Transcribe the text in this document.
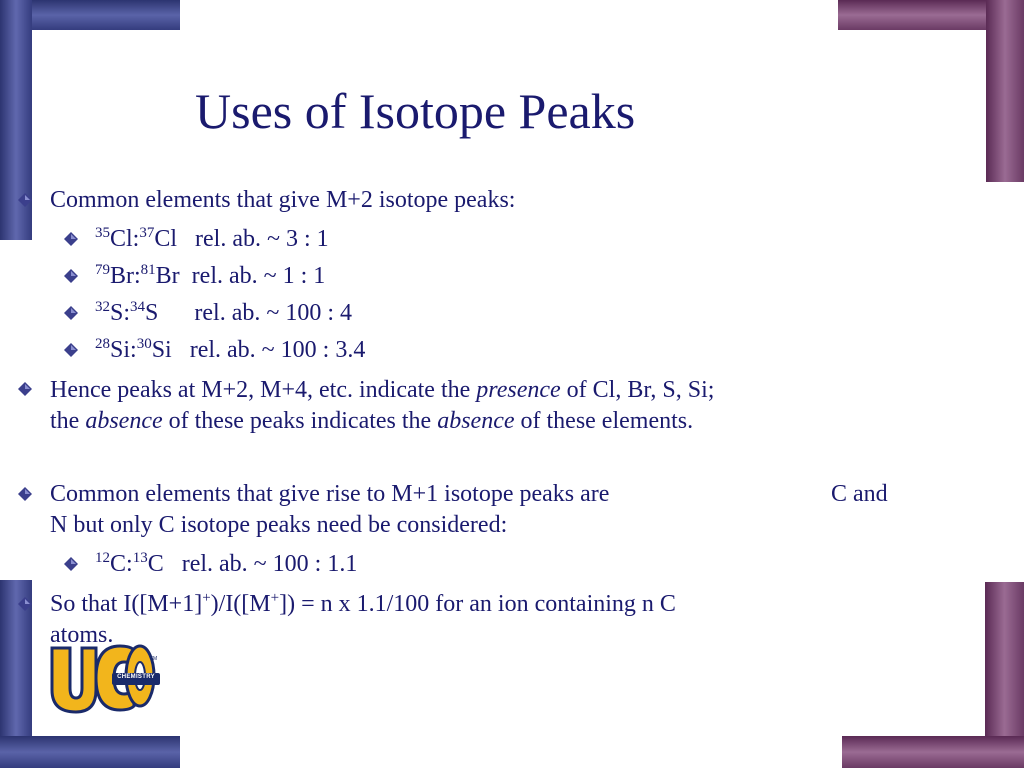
Uses of Isotope Peaks
Common elements that give M+2 isotope peaks:
$^{35}$Cl:$^{37}$Cl rel. ab. ~ 3 : 1
$^{79}$Br:$^{81}$Br rel. ab. ~ 1 : 1
$^{32}$S:$^{34}$S rel. ab. ~ 100 : 4
$^{28}$Si:$^{30}$Si rel. ab. ~ 100 : 3.4
Hence peaks at M+2, M+4, etc. indicate the presence of Cl, Br, S, Si;
the absence of these peaks indicates the absence of these elements.
Common elements that give rise to M+1 isotope peaks are	C and
N but only C isotope peaks need be considered:
$^{12}$C:$^{13}$C rel. ab. ~ 100 : 1.1
So that I([M+1]+)/I([M+]) = n x 1.1/100 for an ion containing n C
atoms.
CHEMISTRY
TM
